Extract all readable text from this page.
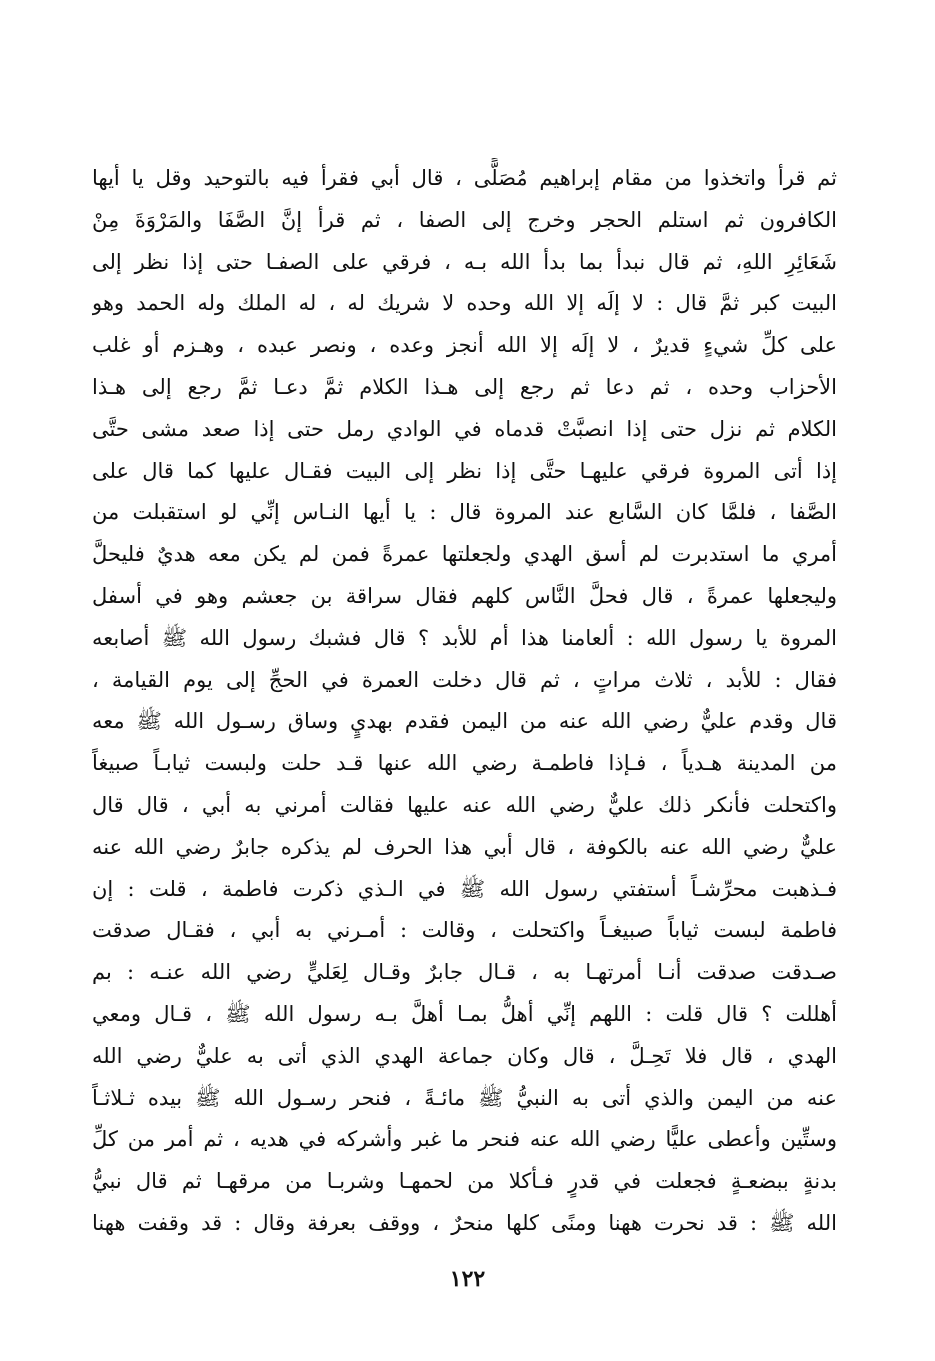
ثم قرأ واتخذوا من مقام إبراهيم مُصَلًّى ، قال أبي فقرأ فيه بالتوحيد وقل يا أيها
الكافرون ثم استلم الحجر وخرج إلى الصفا ، ثم قرأ إنَّ الصَّفَا والمَرْوَةَ مِنْ
شَعَائِرِ اللهِ، ثم قال نبدأ بما بدأ الله بـه ، فرقي على الصفـا حتى إذا نظر إلى
البيت كبر ثمَّ قال : لا إلَه إلا الله وحده لا شريك له ، له الملك وله الحمد وهو
على كلِّ شيءٍ قديرٌ ، لا إلَه إلا الله أنجز وعده ، ونصر عبده ، وهـزم أو غلب
الأحزاب وحده ، ثم دعا ثم رجع إلى هـذا الكلام ثمَّ دعـا ثمَّ رجع إلى هـذا
الكلام ثم نزل حتى إذا انصبَّتْ قدماه في الوادي رمل حتى إذا صعد مشى حتَّى
إذا أتى المروة فرقي عليهـا حتَّى إذا نظر إلى البيت فقـال عليها كما قال على
الصَّفا ، فلمَّا كان السَّابع عند المروة قال : يا أيها النـاس إنِّي لو استقبلت من
أمري ما استدبرت لم أسق الهدي ولجعلتها عمرةً فمن لم يكن معه هديٌ فليحلَّ
وليجعلها عمرةً ، قال فحلَّ النَّاس كلهم فقال سراقة بن جعشم وهو في أسفل
المروة يا رسول الله : ألعامنا هذا أم للأبد ؟ قال فشبك رسول الله ﷺ أصابعه
فقال : للأبد ، ثلاث مراتٍ ، ثم قال دخلت العمرة في الحجِّ إلى يوم القيامة ،
قال وقدم عليٌّ رضي الله عنه من اليمن فقدم بهديٍ وساق رسـول الله ﷺ معه
من المدينة هـدياً ، فـإذا فاطمـة رضي الله عنها قـد حلت ولبست ثيابـاً صبيغاً
واكتحلت فأنكر ذلك عليٌّ رضي الله عنه عليها فقالت أمرني به أبي ، قال قال
عليٌّ رضي الله عنه بالكوفة ، قال أبي هذا الحرف لم يذكره جابرٌ رضي الله عنه
فـذهبت محرِّشـاً أستفتي رسول الله ﷺ في الـذي ذكرت فاطمة ، قلت : إن
فاطمة لبست ثياباً صبيغـاً واكتحلت ، وقالت : أمـرني به أبي ، فقـال صدقت
صـدقت صدقت أنـا أمرتهـا به ، قـال جابرٌ وقـال لِعَليٍّ رضي الله عنـه : بم
أهللت ؟ قال قلت : اللهم إنِّي أهلُّ بمـا أهلَّ بـه رسول الله ﷺ ، قـال ومعي
الهدي ، قال فلا تَحِـلَّ ، قال وكان جماعة الهدي الذي أتى به عليٌّ رضي الله
عنه من اليمن والذي أتى به النبيُّ ﷺ مائـةً ، فنحر رسـول الله ﷺ بيده ثـلاثـاً
وستِّين وأعطى عليًّا رضي الله عنه فنحر ما غبر وأشركه في هديه ، ثم أمر من كلِّ
بدنةٍ ببضعـةٍ فجعلت في قدرٍ فـأكلا من لحمهـا وشربـا من مرقهـا ثم قال نبيُّ
الله ﷺ : قد نحرت ههنا ومنًى كلها منحرٌ ، ووقف بعرفة وقال : قد وقفت ههنا
١٢٢
